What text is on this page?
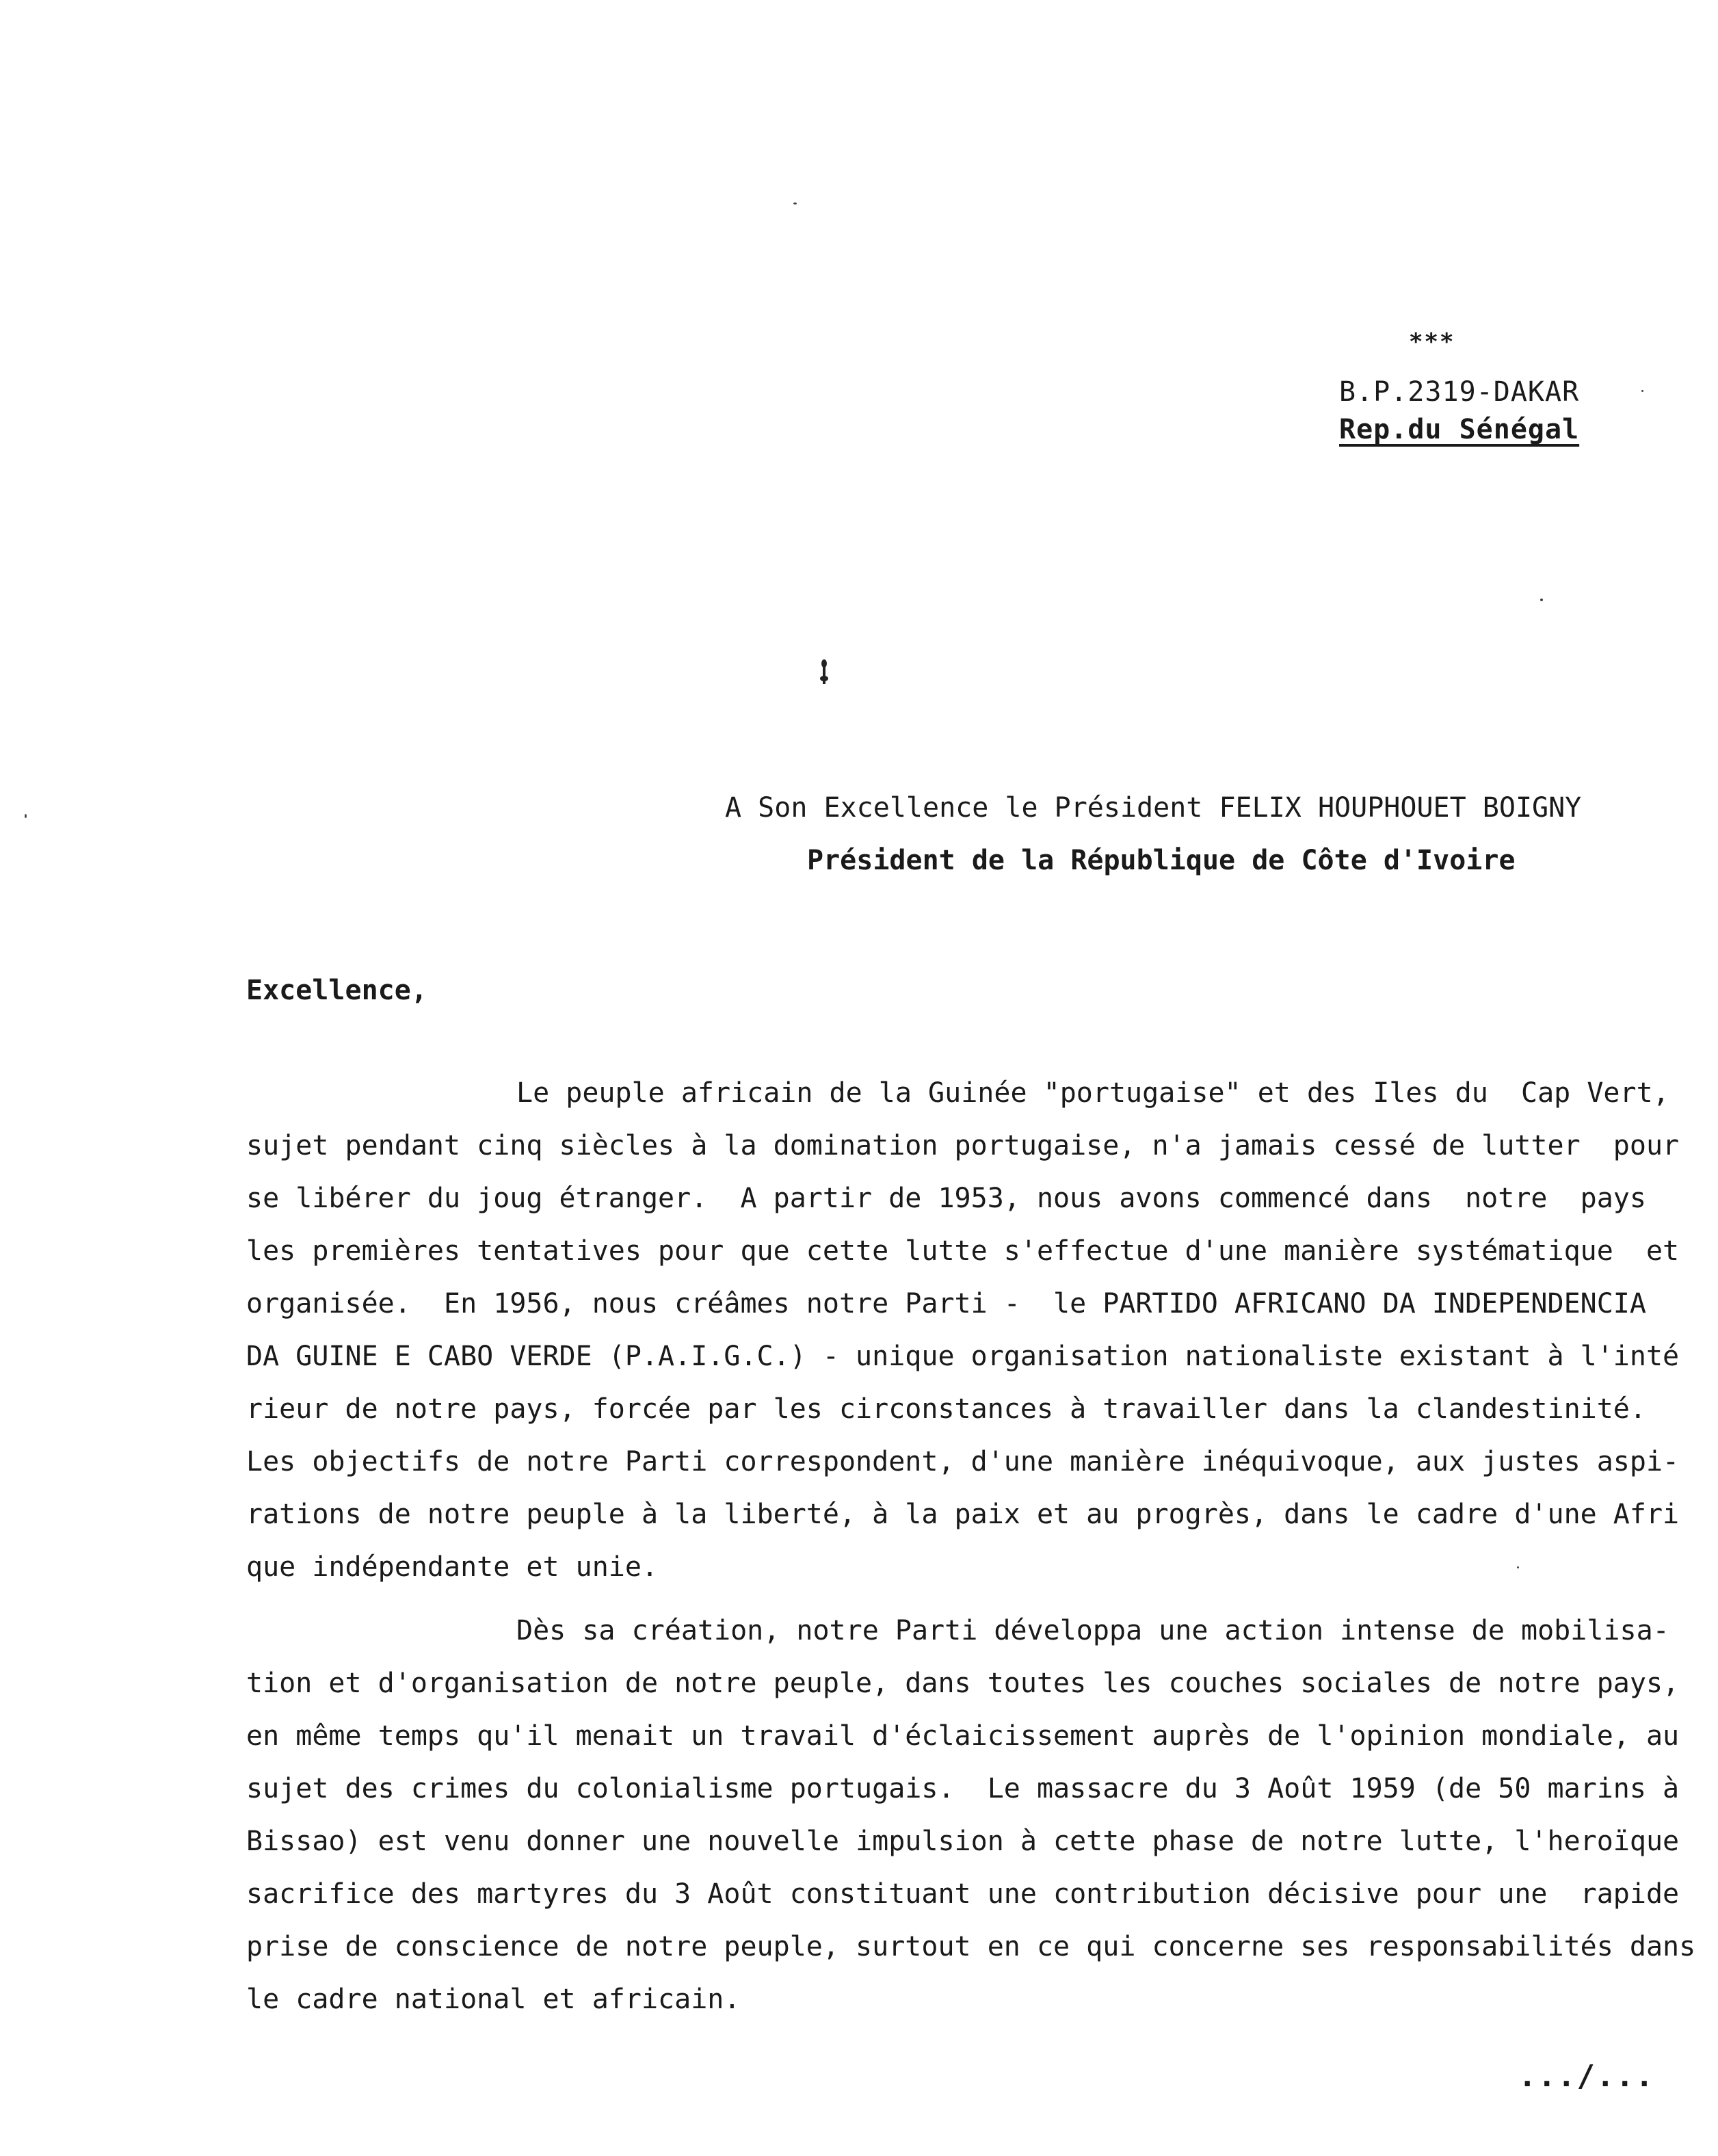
***
B.P.2319-DAKAR
Rep.du Sénégal
A Son Excellence le Président FELIX HOUPHOUET BOIGNY
Président de la République de Côte d'Ivoire
Excellence,
Le peuple africain de la Guinée "portugaise" et des Iles du  Cap Vert,
sujet pendant cinq siècles à la domination portugaise, n'a jamais cessé de lutter  pour
se libérer du joug étranger.  A partir de 1953, nous avons commencé dans  notre  pays
les premières tentatives pour que cette lutte s'effectue d'une manière systématique  et
organisée.  En 1956, nous créâmes notre Parti -  le PARTIDO AFRICANO DA INDEPENDENCIA
DA GUINE E CABO VERDE (P.A.I.G.C.) - unique organisation nationaliste existant à l'inté
rieur de notre pays, forcée par les circonstances à travailler dans la clandestinité.
Les objectifs de notre Parti correspondent, d'une manière inéquivoque, aux justes aspi-
rations de notre peuple à la liberté, à la paix et au progrès, dans le cadre d'une Afri
que indépendante et unie.
Dès sa création, notre Parti développa une action intense de mobilisa-
tion et d'organisation de notre peuple, dans toutes les couches sociales de notre pays,
en même temps qu'il menait un travail d'éclaicissement auprès de l'opinion mondiale, au
sujet des crimes du colonialisme portugais.  Le massacre du 3 Août 1959 (de 50 marins à
Bissao) est venu donner une nouvelle impulsion à cette phase de notre lutte, l'heroïque
sacrifice des martyres du 3 Août constituant une contribution décisive pour une  rapide
prise de conscience de notre peuple, surtout en ce qui concerne ses responsabilités dans
le cadre national et africain.
.../...
